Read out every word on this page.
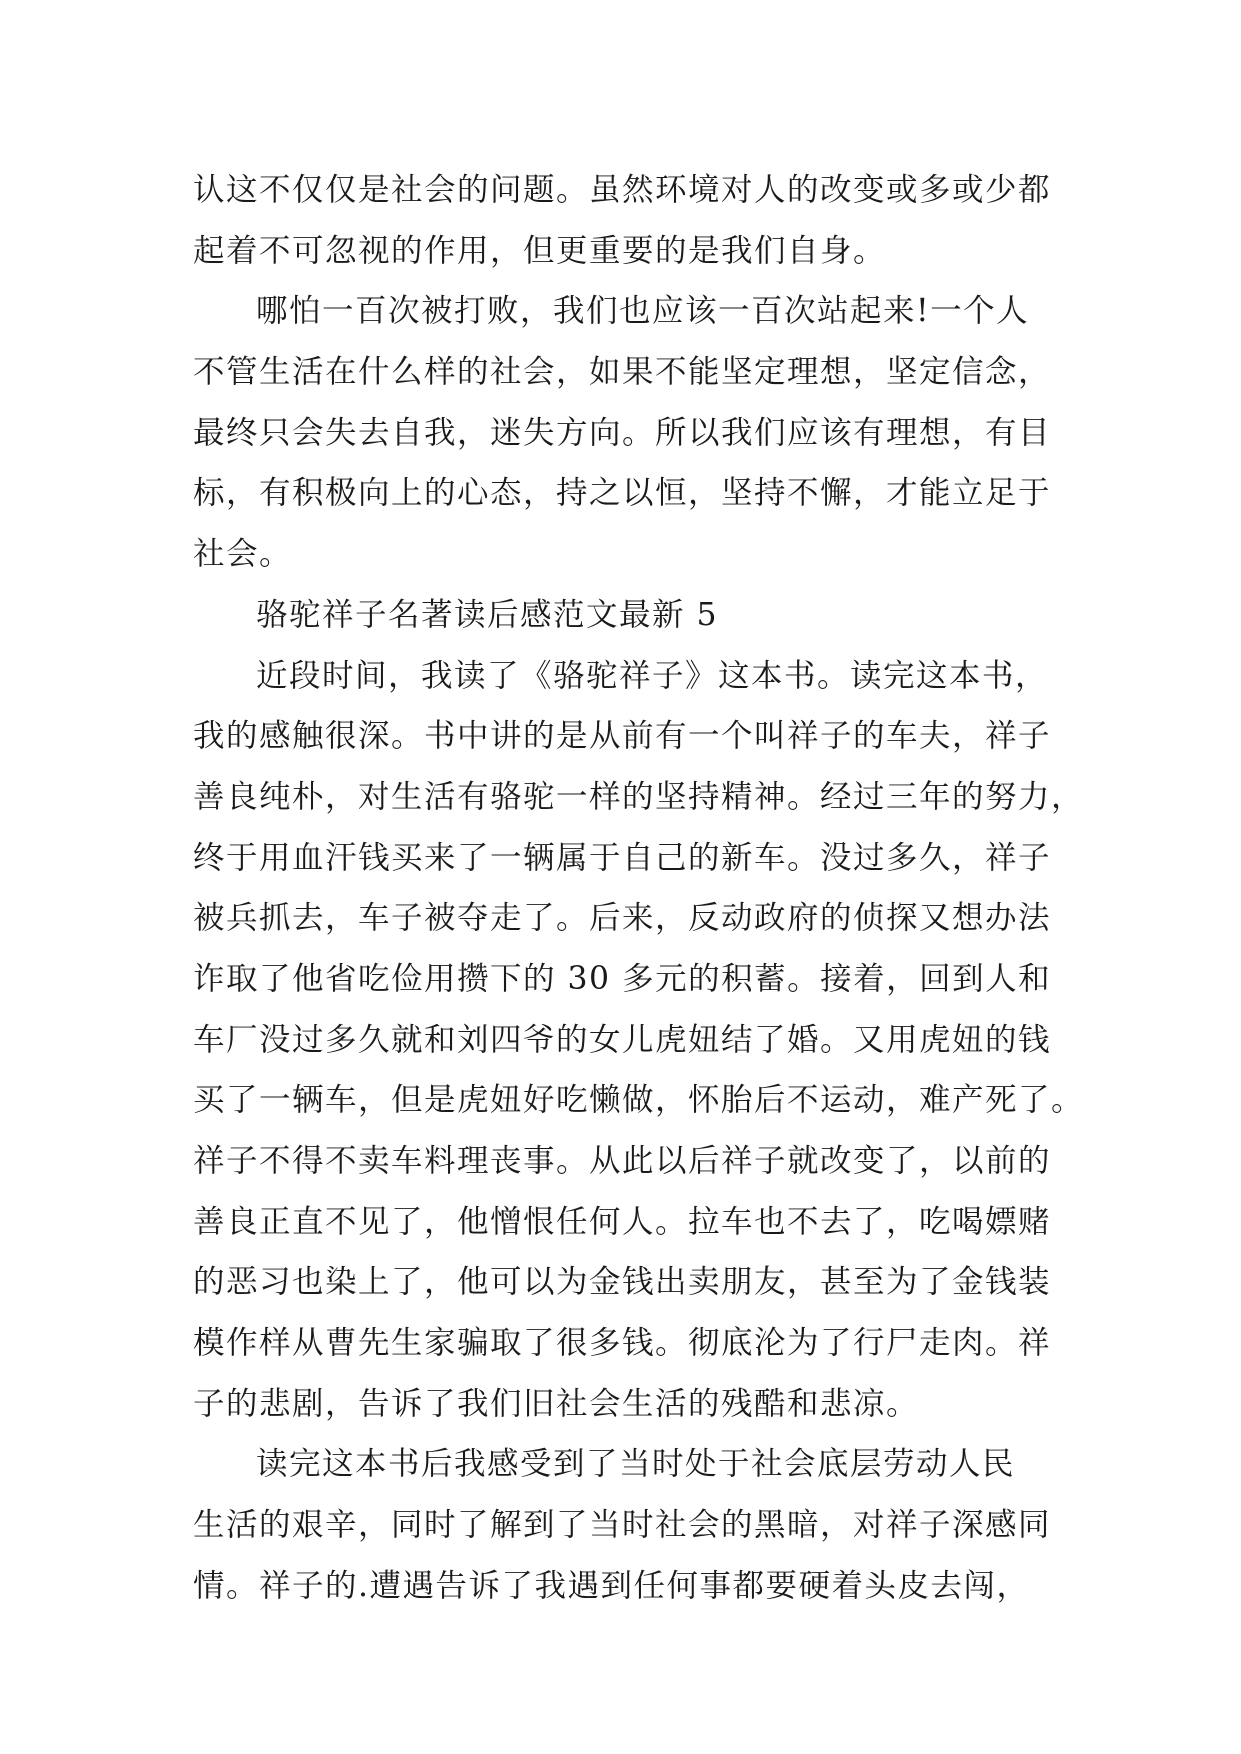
认这不仅仅是社会的问题。虽然环境对人的改变或多或少都
起着不可忽视的作用，但更重要的是我们自身。
哪怕一百次被打败，我们也应该一百次站起来!一个人
不管生活在什么样的社会，如果不能坚定理想，坚定信念，
最终只会失去自我，迷失方向。所以我们应该有理想，有目
标，有积极向上的心态，持之以恒，坚持不懈，才能立足于
社会。
骆驼祥子名著读后感范文最新 5
近段时间，我读了《骆驼祥子》这本书。读完这本书，
我的感触很深。书中讲的是从前有一个叫祥子的车夫，祥子
善良纯朴，对生活有骆驼一样的坚持精神。经过三年的努力，
终于用血汗钱买来了一辆属于自己的新车。没过多久，祥子
被兵抓去，车子被夺走了。后来，反动政府的侦探又想办法
诈取了他省吃俭用攒下的 30 多元的积蓄。接着，回到人和
车厂没过多久就和刘四爷的女儿虎妞结了婚。又用虎妞的钱
买了一辆车，但是虎妞好吃懒做，怀胎后不运动，难产死了。
祥子不得不卖车料理丧事。从此以后祥子就改变了，以前的
善良正直不见了，他憎恨任何人。拉车也不去了，吃喝嫖赌
的恶习也染上了，他可以为金钱出卖朋友，甚至为了金钱装
模作样从曹先生家骗取了很多钱。彻底沦为了行尸走肉。祥
子的悲剧，告诉了我们旧社会生活的残酷和悲凉。
读完这本书后我感受到了当时处于社会底层劳动人民
生活的艰辛，同时了解到了当时社会的黑暗，对祥子深感同
情。祥子的.遭遇告诉了我遇到任何事都要硬着头皮去闯，
